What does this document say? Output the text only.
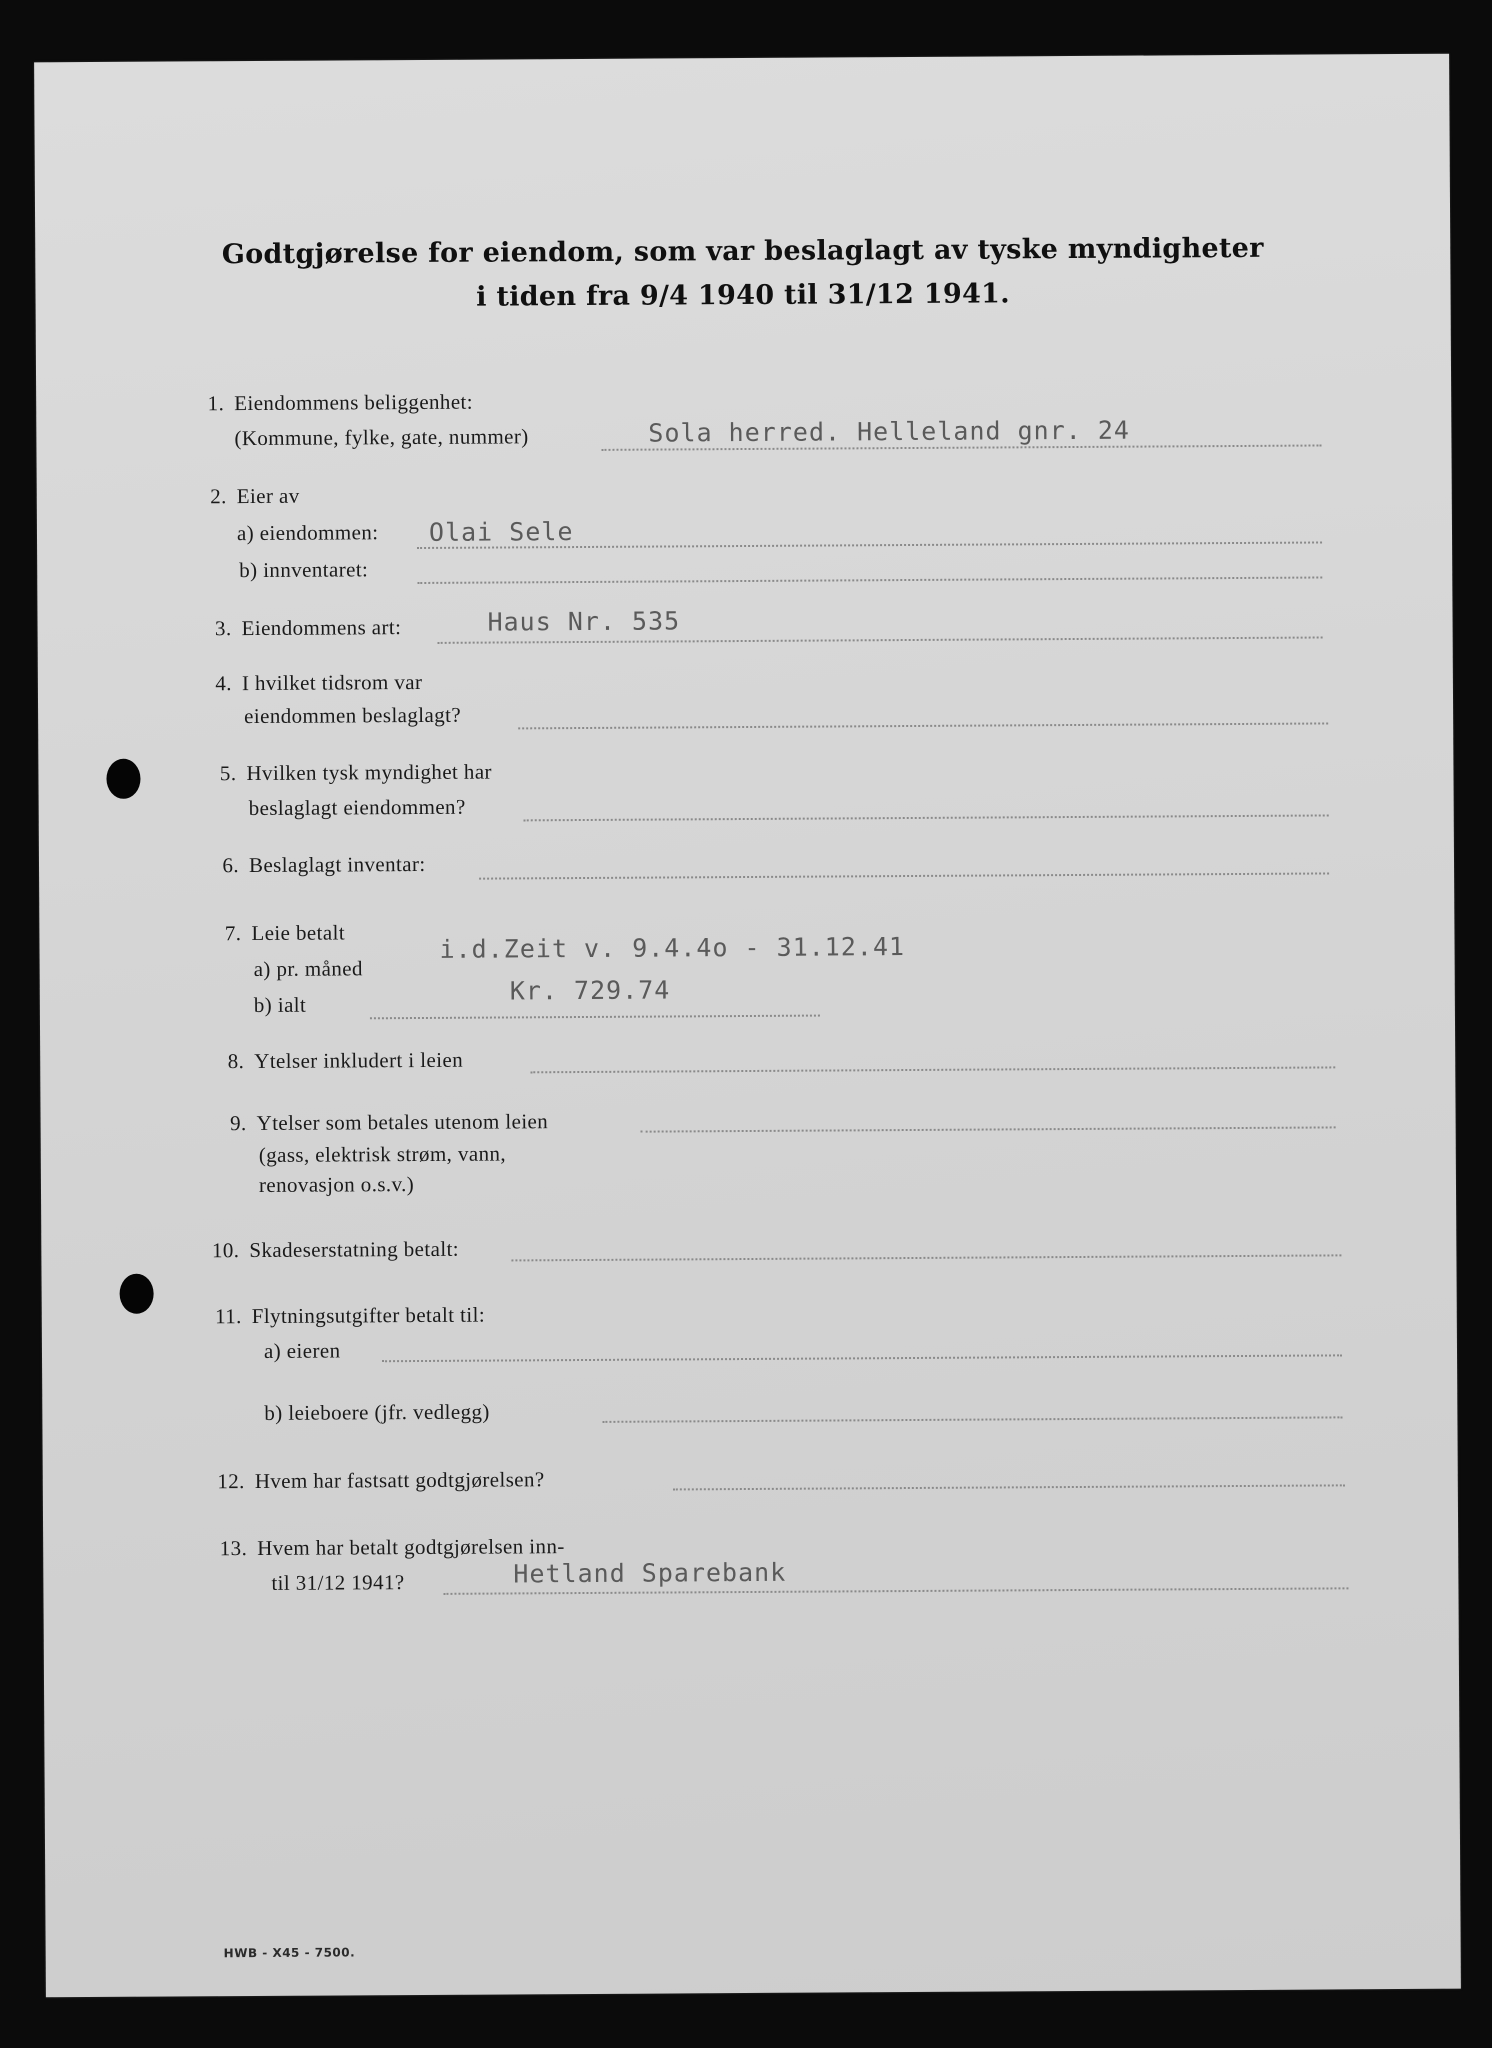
Godtgjørelse for eiendom, som var beslaglagt av tyske myndigheter
i tiden fra 9/4 1940 til 31/12 1941.
1. Eiendommens beliggenhet:
(Kommune, fylke, gate, nummer)	Sola herred. Helleland gnr. 24
2. Eier av
a) eiendommen: Olai Sele
b) innventaret:
3. Eiendommens art:	Haus Nr. 535
4. I hvilket tidsrom var
eiendommen beslaglagt?
5. Hvilken tysk myndighet har
beslaglagt eiendommen?
6. Beslaglagt inventar:
7. Leie betalt
a) pr. måned
i.d.Zeit v. 9.4.4o - 31.12.41
b) ialt	Kr. 729.74
8. Ytelser inkludert i leien
9. Ytelser som betales utenom leien
(gass, elektrisk strøm, vann,
renovasjon o.s.v.)
10. Skadeserstatning betalt:
11. Flytningsutgifter betalt til:
a) eieren
b) leieboere (jfr. vedlegg)
12. Hvem har fastsatt godtgjørelsen?
13. Hvem har betalt godtgjørelsen inn-
til 31/12 1941?	Hetland Sparebank
HWB - X45 - 7500.
